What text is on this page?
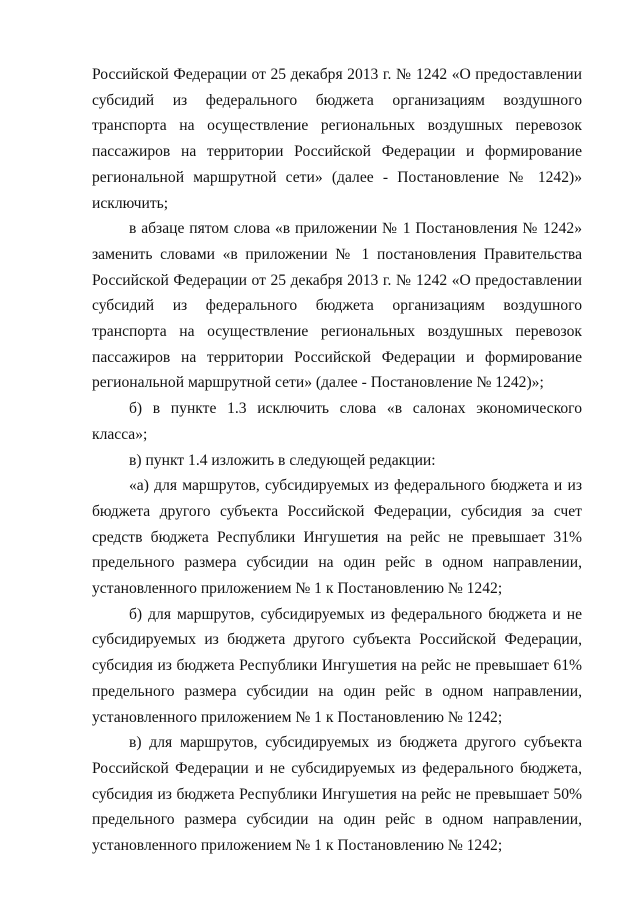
Российской Федерации от 25 декабря 2013 г. № 1242 «О предоставлении субсидий из федерального бюджета организациям воздушного транспорта на осуществление региональных воздушных перевозок пассажиров на территории Российской Федерации и формирование региональной маршрутной сети» (далее - Постановление № 1242)» исключить;

в абзаце пятом слова «в приложении № 1 Постановления № 1242» заменить словами «в приложении № 1 постановления Правительства Российской Федерации от 25 декабря 2013 г. № 1242 «О предоставлении субсидий из федерального бюджета организациям воздушного транспорта на осуществление региональных воздушных перевозок пассажиров на территории Российской Федерации и формирование региональной маршрутной сети» (далее - Постановление № 1242)»;

б) в пункте 1.3 исключить слова «в салонах экономического класса»;

в) пункт 1.4 изложить в следующей редакции:

«а) для маршрутов, субсидируемых из федерального бюджета и из бюджета другого субъекта Российской Федерации, субсидия за счет средств бюджета Республики Ингушетия на рейс не превышает 31% предельного размера субсидии на один рейс в одном направлении, установленного приложением № 1 к Постановлению № 1242;

б) для маршрутов, субсидируемых из федерального бюджета и не субсидируемых из бюджета другого субъекта Российской Федерации, субсидия из бюджета Республики Ингушетия на рейс не превышает 61% предельного размера субсидии на один рейс в одном направлении, установленного приложением № 1 к Постановлению № 1242;

в) для маршрутов, субсидируемых из бюджета другого субъекта Российской Федерации и не субсидируемых из федерального бюджета, субсидия из бюджета Республики Ингушетия на рейс не превышает 50% предельного размера субсидии на один рейс в одном направлении, установленного приложением № 1 к Постановлению № 1242;
